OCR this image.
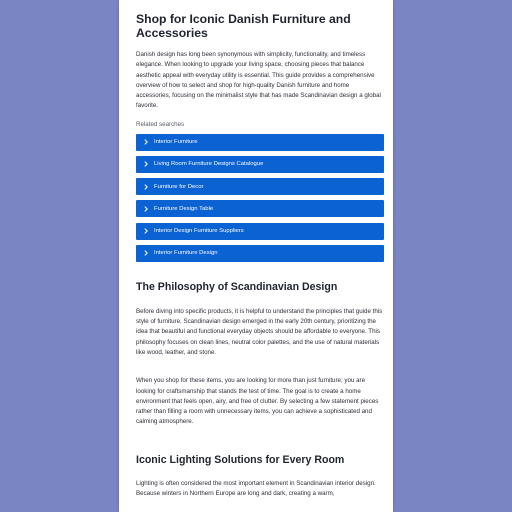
Shop for Iconic Danish Furniture and Accessories

Danish design has long been synonymous with simplicity, functionality, and timeless elegance. When looking to upgrade your living space, choosing pieces that balance aesthetic appeal with everyday utility is essential. This guide provides a comprehensive overview of how to select and shop for high-quality Danish furniture and home accessories, focusing on the minimalist style that has made Scandinavian design a global favorite.

Related searches
Interior Furniture
Living Room Furniture Designs Catalogue
Furniture for Decor
Furniture Design Table
Interior Design Furniture Suppliers
Interior Furniture Design
The Philosophy of Scandinavian Design

Before diving into specific products, it is helpful to understand the principles that guide this style of furniture. Scandinavian design emerged in the early 20th century, prioritizing the idea that beautiful and functional everyday objects should be affordable to everyone. This philosophy focuses on clean lines, neutral color palettes, and the use of natural materials like wood, leather, and stone.

When you shop for these items, you are looking for more than just furniture; you are looking for craftsmanship that stands the test of time. The goal is to create a home environment that feels open, airy, and free of clutter. By selecting a few statement pieces rather than filling a room with unnecessary items, you can achieve a sophisticated and calming atmosphere.

Iconic Lighting Solutions for Every Room

Lighting is often considered the most important element in Scandinavian interior design. Because winters in Northern Europe are long and dark, creating a warm,
